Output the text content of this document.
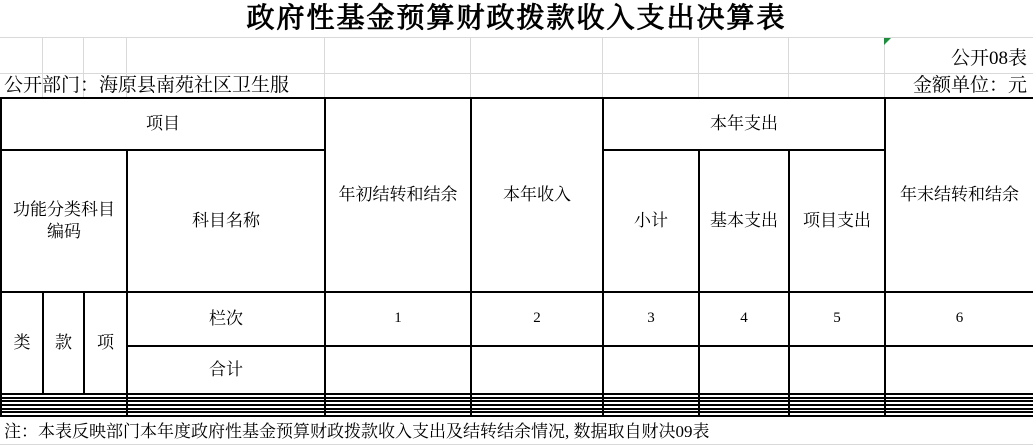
政府性基金预算财政拨款收入支出决算表
公开08表
公开部门：海原县南苑社区卫生服	金额单位：元
项目				年初结转和结余	本年收入	本年支出			年末结转和结余
功能分类科目编码			科目名称			小计	基本支出	项目支出	
类	款	项	栏次	1	2	3	4	5	6
			合计						

注：本表反映部门本年度政府性基金预算财政拨款收入支出及结转结余情况, 数据取自财决09表
